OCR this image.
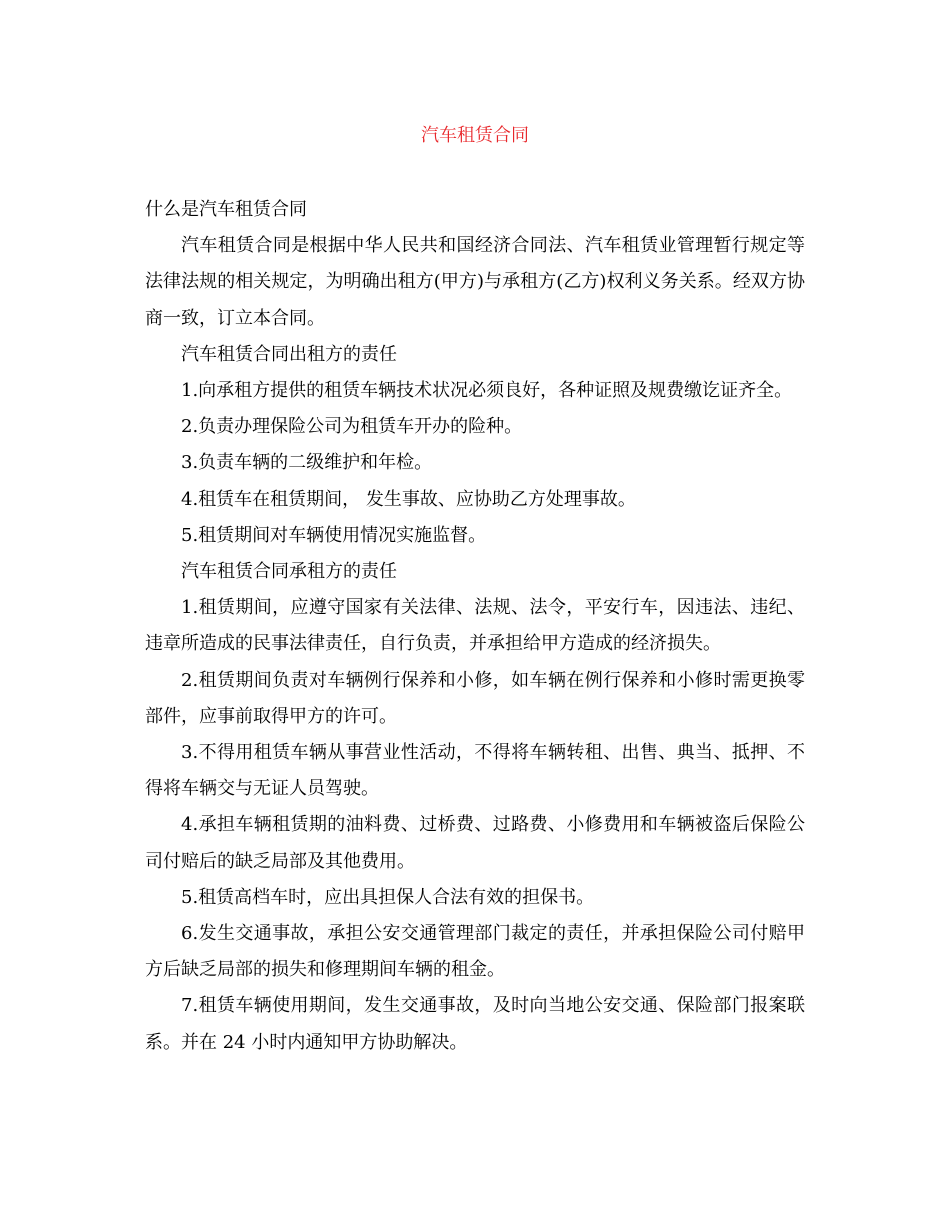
汽车租赁合同

什么是汽车租赁合同

汽车租赁合同是根据中华人民共和国经济合同法、汽车租赁业管理暂行规定等法律法规的相关规定，为明确出租方(甲方)与承租方(乙方)权利义务关系。经双方协商一致，订立本合同。

汽车租赁合同出租方的责任

1.向承租方提供的租赁车辆技术状况必须良好，各种证照及规费缴讫证齐全。

2.负责办理保险公司为租赁车开办的险种。

3.负责车辆的二级维护和年检。

4.租赁车在租赁期间， 发生事故、应协助乙方处理事故。

5.租赁期间对车辆使用情况实施监督。

汽车租赁合同承租方的责任

1.租赁期间，应遵守国家有关法律、法规、法令，平安行车，因违法、违纪、违章所造成的民事法律责任，自行负责，并承担给甲方造成的经济损失。

2.租赁期间负责对车辆例行保养和小修，如车辆在例行保养和小修时需更换零部件，应事前取得甲方的许可。

3.不得用租赁车辆从事营业性活动，不得将车辆转租、出售、典当、抵押、不得将车辆交与无证人员驾驶。

4.承担车辆租赁期的油料费、过桥费、过路费、小修费用和车辆被盗后保险公司付赔后的缺乏局部及其他费用。

5.租赁高档车时，应出具担保人合法有效的担保书。

6.发生交通事故，承担公安交通管理部门裁定的责任，并承担保险公司付赔甲方后缺乏局部的损失和修理期间车辆的租金。

7.租赁车辆使用期间，发生交通事故，及时向当地公安交通、保险部门报案联系。并在 24 小时内通知甲方协助解决。
